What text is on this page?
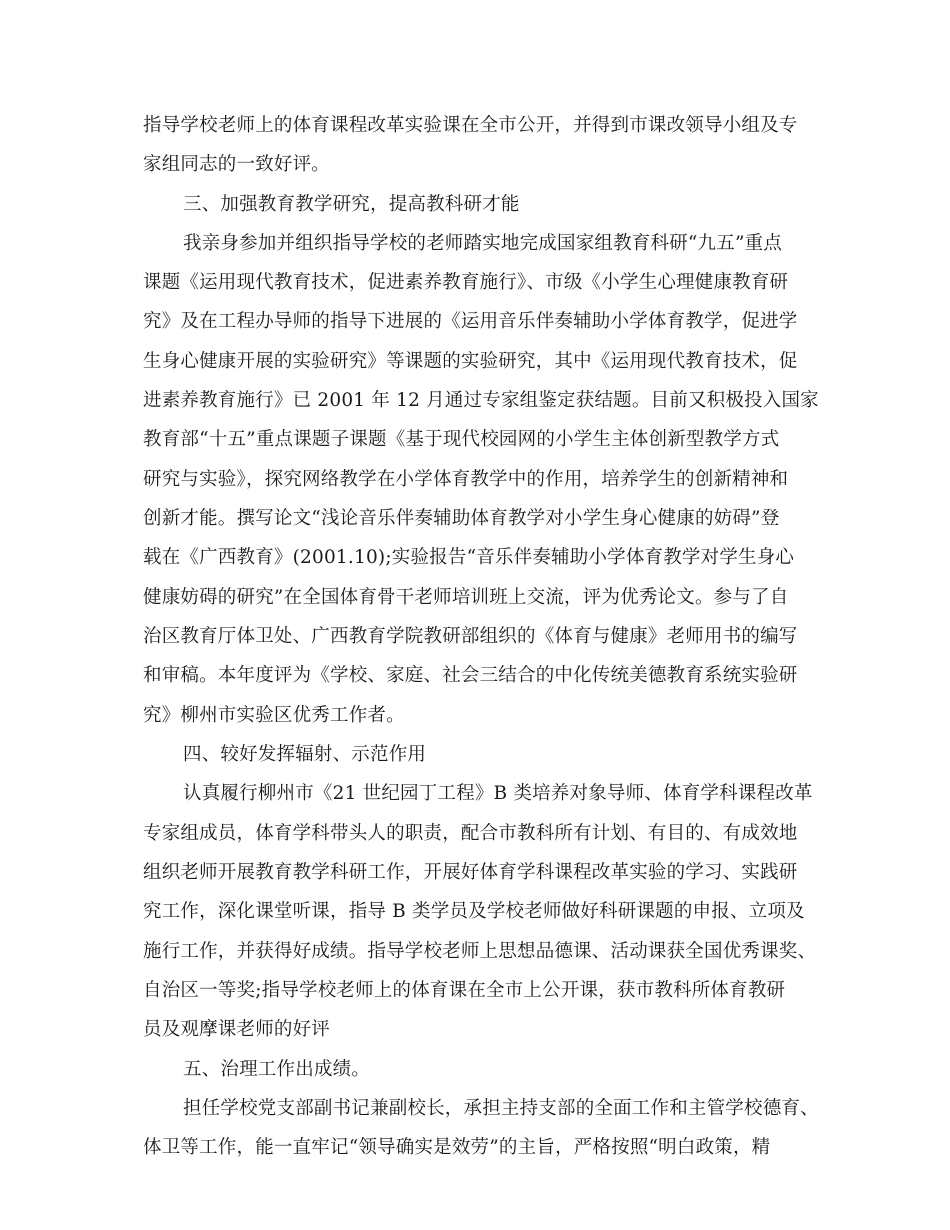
指导学校老师上的体育课程改革实验课在全市公开，并得到市课改领导小组及专
家组同志的一致好评。
三、加强教育教学研究，提高教科研才能
我亲身参加并组织指导学校的老师踏实地完成国家组教育科研“九五”重点
课题《运用现代教育技术，促进素养教育施行》、市级《小学生心理健康教育研
究》及在工程办导师的指导下进展的《运用音乐伴奏辅助小学体育教学，促进学
生身心健康开展的实验研究》等课题的实验研究，其中《运用现代教育技术，促
进素养教育施行》已 2001 年 12 月通过专家组鉴定获结题。目前又积极投入国家
教育部“十五”重点课题子课题《基于现代校园网的小学生主体创新型教学方式
研究与实验》，探究网络教学在小学体育教学中的作用，培养学生的创新精神和
创新才能。撰写论文“浅论音乐伴奏辅助体育教学对小学生身心健康的妨碍”登
载在《广西教育》(2001.10);实验报告“音乐伴奏辅助小学体育教学对学生身心
健康妨碍的研究”在全国体育骨干老师培训班上交流，评为优秀论文。参与了自
治区教育厅体卫处、广西教育学院教研部组织的《体育与健康》老师用书的编写
和审稿。本年度评为《学校、家庭、社会三结合的中化传统美德教育系统实验研
究》柳州市实验区优秀工作者。
四、较好发挥辐射、示范作用
认真履行柳州市《21 世纪园丁工程》B 类培养对象导师、体育学科课程改革
专家组成员，体育学科带头人的职责，配合市教科所有计划、有目的、有成效地
组织老师开展教育教学科研工作，开展好体育学科课程改革实验的学习、实践研
究工作，深化课堂听课，指导 B 类学员及学校老师做好科研课题的申报、立项及
施行工作，并获得好成绩。指导学校老师上思想品德课、活动课获全国优秀课奖、
自治区一等奖;指导学校老师上的体育课在全市上公开课，获市教科所体育教研
员及观摩课老师的好评
五、治理工作出成绩。
担任学校党支部副书记兼副校长，承担主持支部的全面工作和主管学校德育、
体卫等工作，能一直牢记“领导确实是效劳”的主旨，严格按照“明白政策，精
